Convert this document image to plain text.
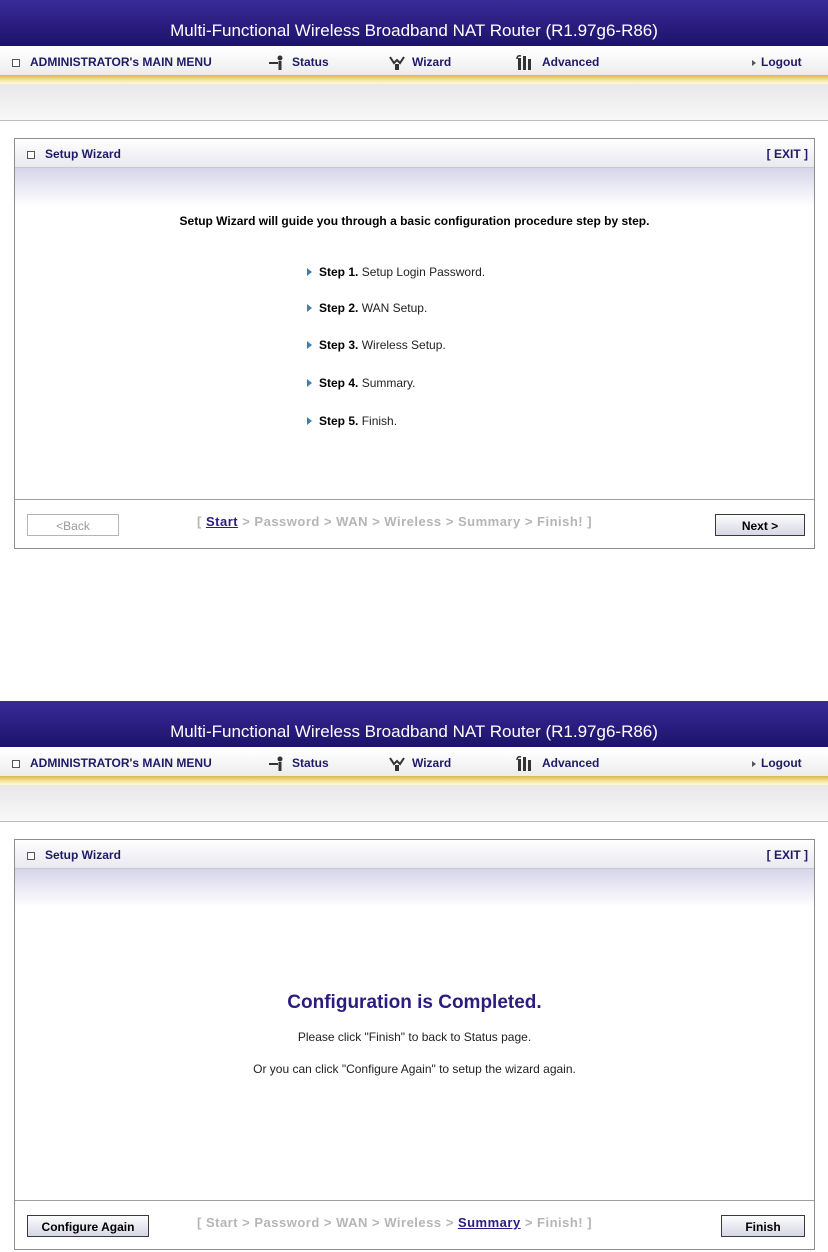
Multi-Functional Wireless Broadband NAT Router (R1.97g6-R86)
ADMINISTRATOR's MAIN MENU	Status	Wizard	Advanced	Logout
Setup Wizard	[ EXIT ]
Setup Wizard will guide you through a basic configuration procedure step by step.
Step 1. Setup Login Password.
Step 2. WAN Setup.
Step 3. Wireless Setup.
Step 4. Summary.
Step 5. Finish.
<Back	[ Start > Password > WAN > Wireless > Summary > Finish! ]	Next >
Multi-Functional Wireless Broadband NAT Router (R1.97g6-R86)
ADMINISTRATOR's MAIN MENU	Status	Wizard	Advanced	Logout
Setup Wizard	[ EXIT ]
Configuration is Completed.
Please click "Finish" to back to Status page.
Or you can click "Configure Again" to setup the wizard again.
Configure Again	[ Start > Password > WAN > Wireless > Summary > Finish! ]	Finish
